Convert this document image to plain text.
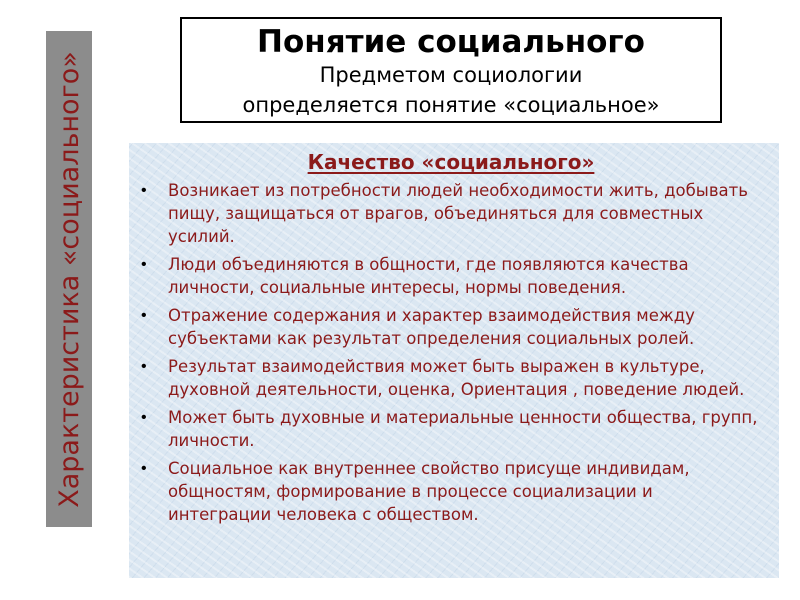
Характеристика «социального»
Понятие социального
Предметом социологии
определяется понятие «социальное»
Качество «социального»
•	Возникает из потребности людей необходимости жить, добывать пищу, защищаться от врагов, объединяться для совместных усилий.
•	Люди объединяются в общности, где появляются качества личности, социальные интересы, нормы поведения.
•	Отражение содержания и характер взаимодействия между субъектами как результат определения социальных ролей.
•	Результат взаимодействия может быть выражен в культуре, духовной деятельности, оценка, Ориентация , поведение людей.
•	Может быть духовные и материальные ценности общества, групп, личности.
•	Социальное как внутреннее свойство присуще индивидам, общностям, формирование в процессе социализации и интеграции человека с обществом.
